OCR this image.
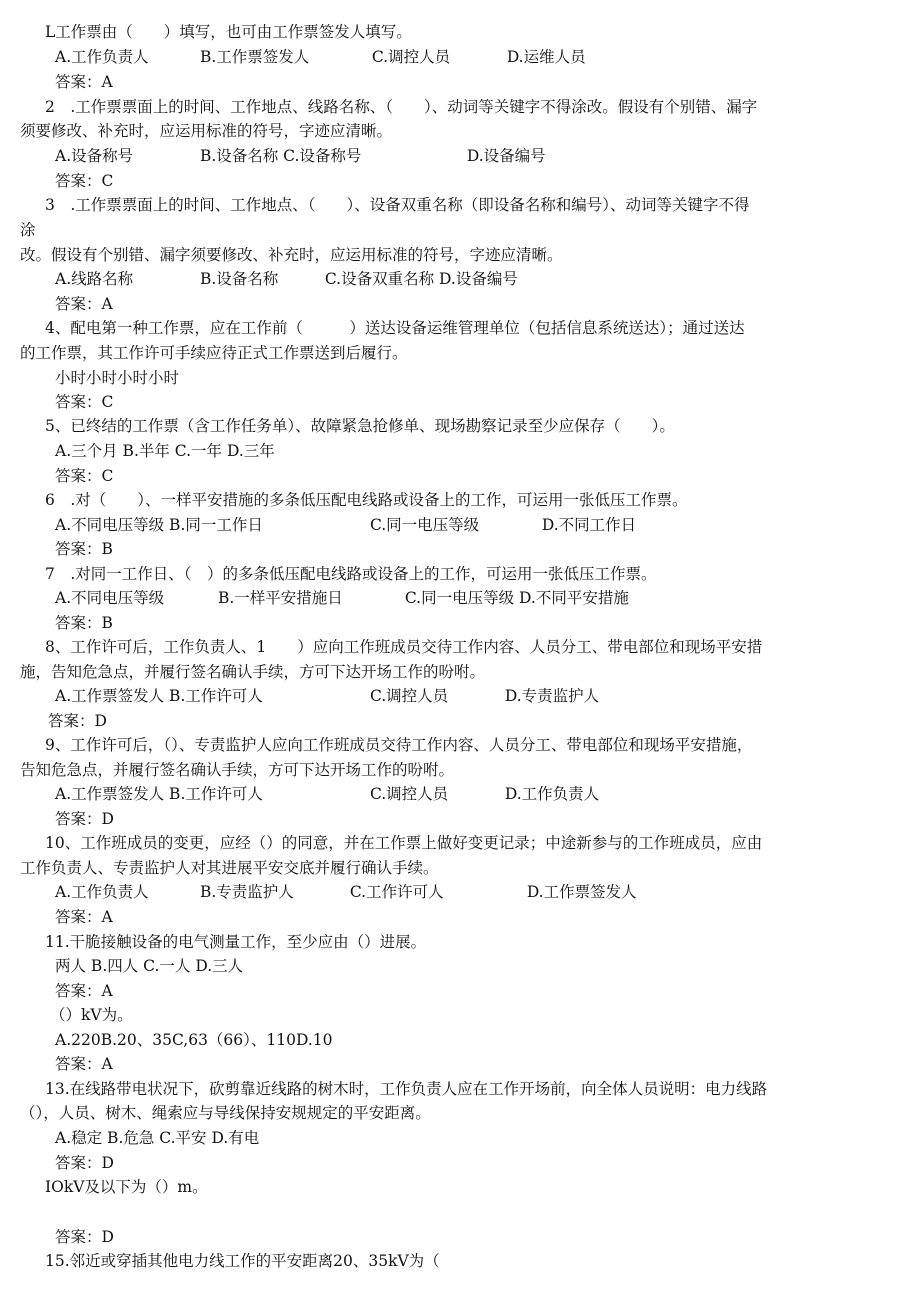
L工作票由（　　）填写，也可由工作票签发人填写。
A.工作负责人	B.工作票签发人	C.调控人员	D.运维人员
答案：A
2　.工作票票面上的时间、工作地点、线路名称、（　　）、动词等关键字不得涂改。假设有个别错、漏字
须要修改、补充时，应运用标准的符号，字迹应清晰。
A.设备称号	B.设备名称 C.设备称号	D.设备编号
答案：C
3　.工作票票面上的时间、工作地点、（　　）、设备双重名称（即设备名称和编号）、动词等关键字不得
涂
改。假设有个别错、漏字须要修改、补充时，应运用标准的符号，字迹应清晰。
A.线路名称	B.设备名称	C.设备双重名称 D.设备编号
答案：A
4、配电第一种工作票，应在工作前（　　　）送达设备运维管理单位（包括信息系统送达）；通过送达
的工作票，其工作许可手续应待正式工作票送到后履行。
小时小时小时小时
答案：C
5、已终结的工作票（含工作任务单）、故障紧急抢修单、现场勘察记录至少应保存（　　）。
A.三个月 B.半年 C.一年 D.三年
答案：C
6　.对（　　）、一样平安措施的多条低压配电线路或设备上的工作，可运用一张低压工作票。
A.不同电压等级 B.同一工作日	C.同一电压等级	D.不同工作日
答案：B
7　.对同一工作日、（　）的多条低压配电线路或设备上的工作，可运用一张低压工作票。
A.不同电压等级	B.一样平安措施日	C.同一电压等级 D.不同平安措施
答案：B
8、工作许可后，工作负责人、1　　）应向工作班成员交待工作内容、人员分工、带电部位和现场平安措
施，告知危急点，并履行签名确认手续，方可下达开场工作的吩咐。
A.工作票签发人 B.工作许可人	C.调控人员	D.专责监护人
答案：D
9、工作许可后，（）、专责监护人应向工作班成员交待工作内容、人员分工、带电部位和现场平安措施，
告知危急点，并履行签名确认手续，方可下达开场工作的吩咐。
A.工作票签发人 B.工作许可人	C.调控人员	D.工作负责人
答案：D
10、工作班成员的变更，应经（）的同意，并在工作票上做好变更记录；中途新参与的工作班成员，应由
工作负责人、专责监护人对其进展平安交底并履行确认手续。
A.工作负责人	B.专责监护人	C.工作许可人	D.工作票签发人
答案：A
11.干脆接触设备的电气测量工作，至少应由（）进展。
两人 B.四人 C.一人 D.三人
答案：A
（）kV为。
A.220B.20、35C,63（66）、110D.10
答案：A
13.在线路带电状况下，砍剪靠近线路的树木时，工作负责人应在工作开场前，向全体人员说明：电力线路
（），人员、树木、绳索应与导线保持安规规定的平安距离。
A.稳定 B.危急 C.平安 D.有电
答案：D
IOkV及以下为（）m。
答案：D
15.邻近或穿插其他电力线工作的平安距离20、35kV为（
